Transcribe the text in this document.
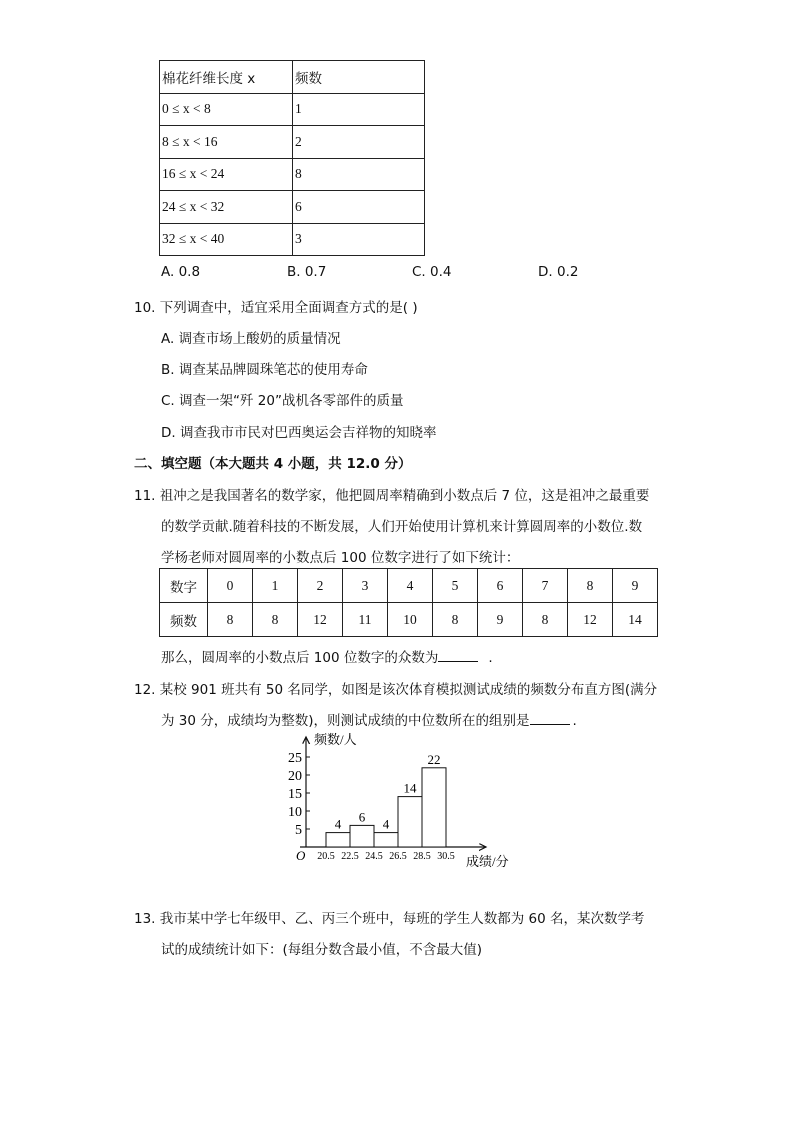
棉花纤维长度 x	频数
0 ≤ x < 8	1
8 ≤ x < 16	2
16 ≤ x < 24	8
24 ≤ x < 32	6
32 ≤ x < 40	3
A. 0.8	B. 0.7	C. 0.4	D. 0.2
10. 下列调查中，适宜采用全面调查方式的是( )
A. 调查市场上酸奶的质量情况
B. 调查某品牌圆珠笔芯的使用寿命
C. 调查一架“歼 20”战机各零部件的质量
D. 调查我市市民对巴西奥运会吉祥物的知晓率
二、填空题（本大题共 4 小题，共 12.0 分）
11. 祖冲之是我国著名的数学家，他把圆周率精确到小数点后 7 位，这是祖冲之最重要
的数学贡献.随着科技的不断发展，人们开始使用计算机来计算圆周率的小数位.数
学杨老师对圆周率的小数点后 100 位数字进行了如下统计：
数字	0	1	2	3	4	5	6	7	8	9
频数	8	8	12	11	10	8	9	8	12	14
那么，圆周率的小数点后 100 位数字的众数为	.
12. 某校 901 班共有 50 名同学，如图是该次体育模拟测试成绩的频数分布直方图(满分
为 30 分，成绩均为整数)，则测试成绩的中位数所在的组别是	.
O
频数/人
成绩/分
5
10
15
20
25
4 6 4
14
22
20.5 22.5 24.5 26.5 28.5 30.5
13. 我市某中学七年级甲、乙、丙三个班中，每班的学生人数都为 60 名，某次数学考
试的成绩统计如下：(每组分数含最小值，不含最大值)
